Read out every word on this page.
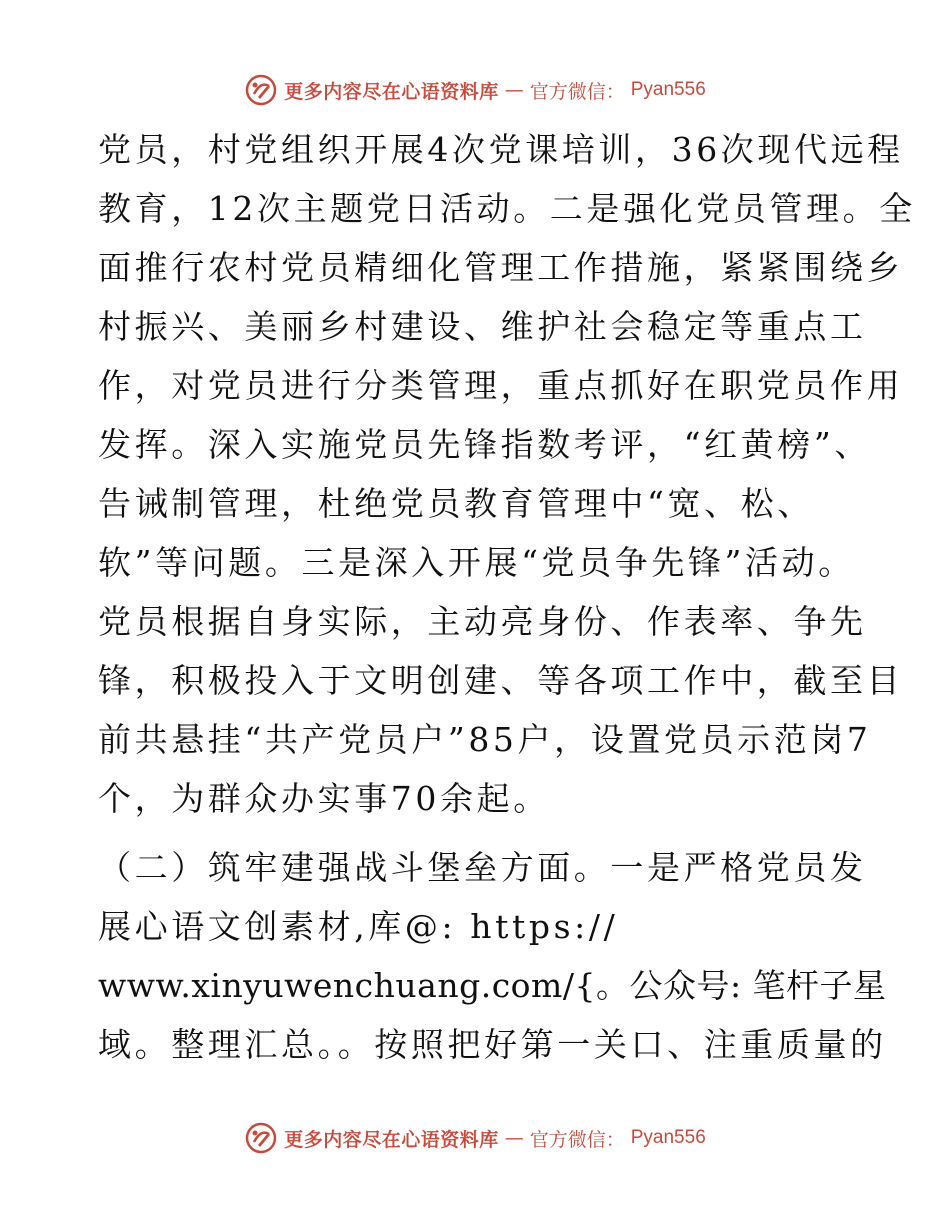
更多内容尽在心语资料库 — 官方微信： Pyan556
党员，村党组织开展4次党课培训，36次现代远程
教育，12次主题党日活动。二是强化党员管理。全
面推行农村党员精细化管理工作措施，紧紧围绕乡
村振兴、美丽乡村建设、维护社会稳定等重点工
作，对党员进行分类管理，重点抓好在职党员作用
发挥。深入实施党员先锋指数考评，“红黄榜”、
告诫制管理，杜绝党员教育管理中“宽、松、
软”等问题。三是深入开展“党员争先锋”活动。
党员根据自身实际，主动亮身份、作表率、争先
锋，积极投入于文明创建、等各项工作中，截至目
前共悬挂“共产党员户”85户，设置党员示范岗7
个，为群众办实事70余起。
（二）筑牢建强战斗堡垒方面。一是严格党员发
展心语文创素材,库@: https://
www.xinyuwenchuang.com/{。公众号: 笔杆子星
域。整理汇总。。按照把好第一关口、注重质量的
更多内容尽在心语资料库 — 官方微信： Pyan556
